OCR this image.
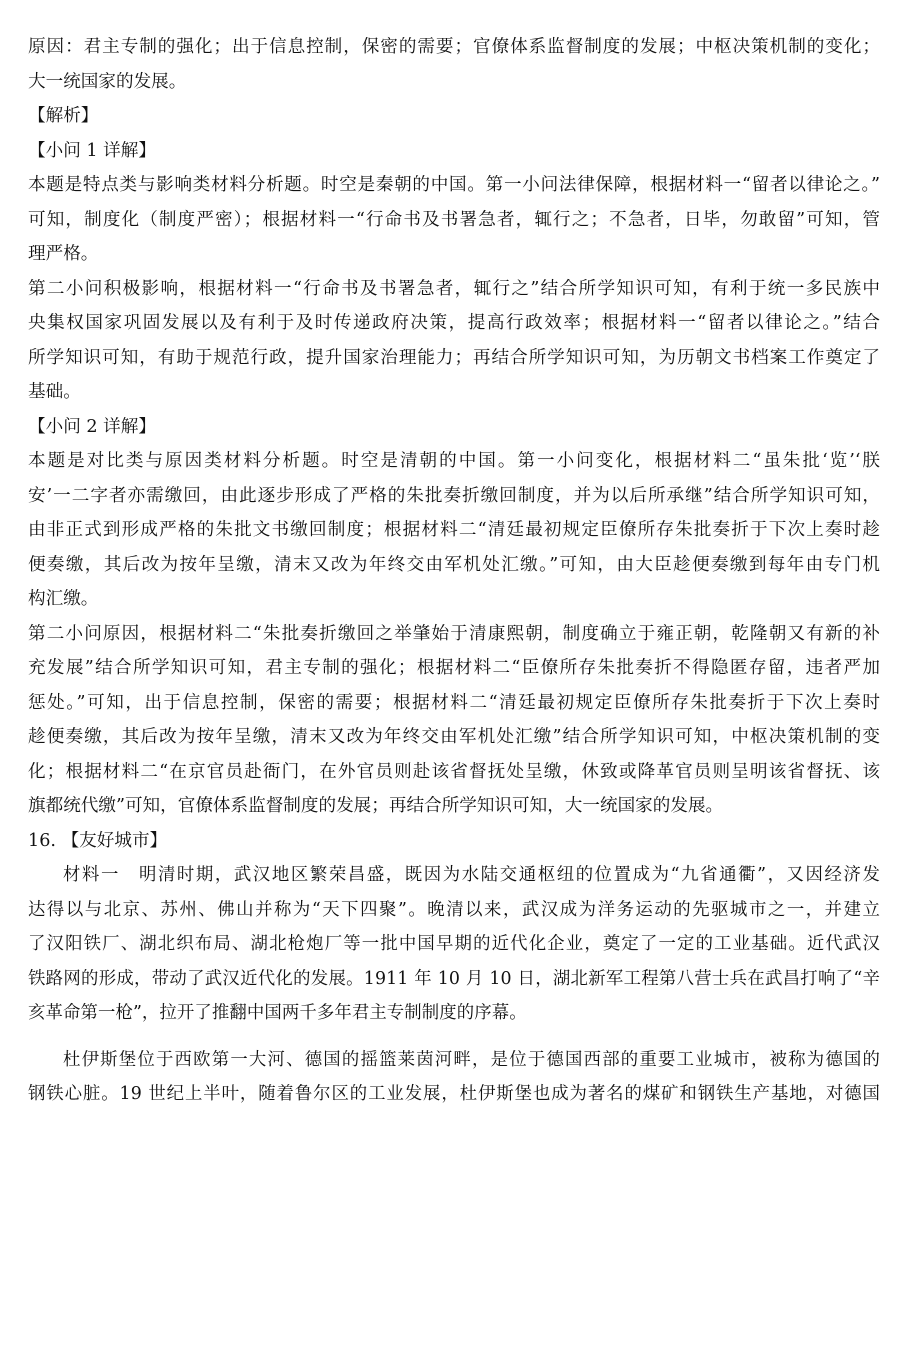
原因：君主专制的强化；出于信息控制，保密的需要；官僚体系监督制度的发展；中枢决策机制的变化；
大一统国家的发展。
【解析】
【小问 1 详解】
本题是特点类与影响类材料分析题。时空是秦朝的中国。第一小问法律保障，根据材料一“留者以律论之。”
可知，制度化（制度严密）；根据材料一“行命书及书署急者，辄行之；不急者，日毕，勿敢留”可知，管
理严格。
第二小问积极影响，根据材料一“行命书及书署急者，辄行之”结合所学知识可知，有利于统一多民族中
央集权国家巩固发展以及有利于及时传递政府决策，提高行政效率；根据材料一“留者以律论之。”结合
所学知识可知，有助于规范行政，提升国家治理能力；再结合所学知识可知，为历朝文书档案工作奠定了
基础。
【小问 2 详解】
本题是对比类与原因类材料分析题。时空是清朝的中国。第一小问变化，根据材料二“虽朱批‘览’‘朕
安’一二字者亦需缴回，由此逐步形成了严格的朱批奏折缴回制度，并为以后所承继”结合所学知识可知，
由非正式到形成严格的朱批文书缴回制度；根据材料二“清廷最初规定臣僚所存朱批奏折于下次上奏时趁
便奏缴，其后改为按年呈缴，清末又改为年终交由军机处汇缴。”可知，由大臣趁便奏缴到每年由专门机
构汇缴。
第二小问原因，根据材料二“朱批奏折缴回之举肇始于清康熙朝，制度确立于雍正朝，乾隆朝又有新的补
充发展”结合所学知识可知，君主专制的强化；根据材料二“臣僚所存朱批奏折不得隐匿存留，违者严加
惩处。”可知，出于信息控制，保密的需要；根据材料二“清廷最初规定臣僚所存朱批奏折于下次上奏时
趁便奏缴，其后改为按年呈缴，清末又改为年终交由军机处汇缴”结合所学知识可知，中枢决策机制的变
化；根据材料二“在京官员赴衙门，在外官员则赴该省督抚处呈缴，休致或降革官员则呈明该省督抚、该
旗都统代缴”可知，官僚体系监督制度的发展；再结合所学知识可知，大一统国家的发展。
16. 【友好城市】
材料一　明清时期，武汉地区繁荣昌盛，既因为水陆交通枢纽的位置成为“九省通衢”，又因经济发
达得以与北京、苏州、佛山并称为“天下四聚”。晚清以来，武汉成为洋务运动的先驱城市之一，并建立
了汉阳铁厂、湖北织布局、湖北枪炮厂等一批中国早期的近代化企业，奠定了一定的工业基础。近代武汉
铁路网的形成，带动了武汉近代化的发展。1911 年 10 月 10 日，湖北新军工程第八营士兵在武昌打响了“辛
亥革命第一枪”，拉开了推翻中国两千多年君主专制制度的序幕。
杜伊斯堡位于西欧第一大河、德国的摇篮莱茵河畔，是位于德国西部的重要工业城市，被称为德国的
钢铁心脏。19 世纪上半叶，随着鲁尔区的工业发展，杜伊斯堡也成为著名的煤矿和钢铁生产基地，对德国
